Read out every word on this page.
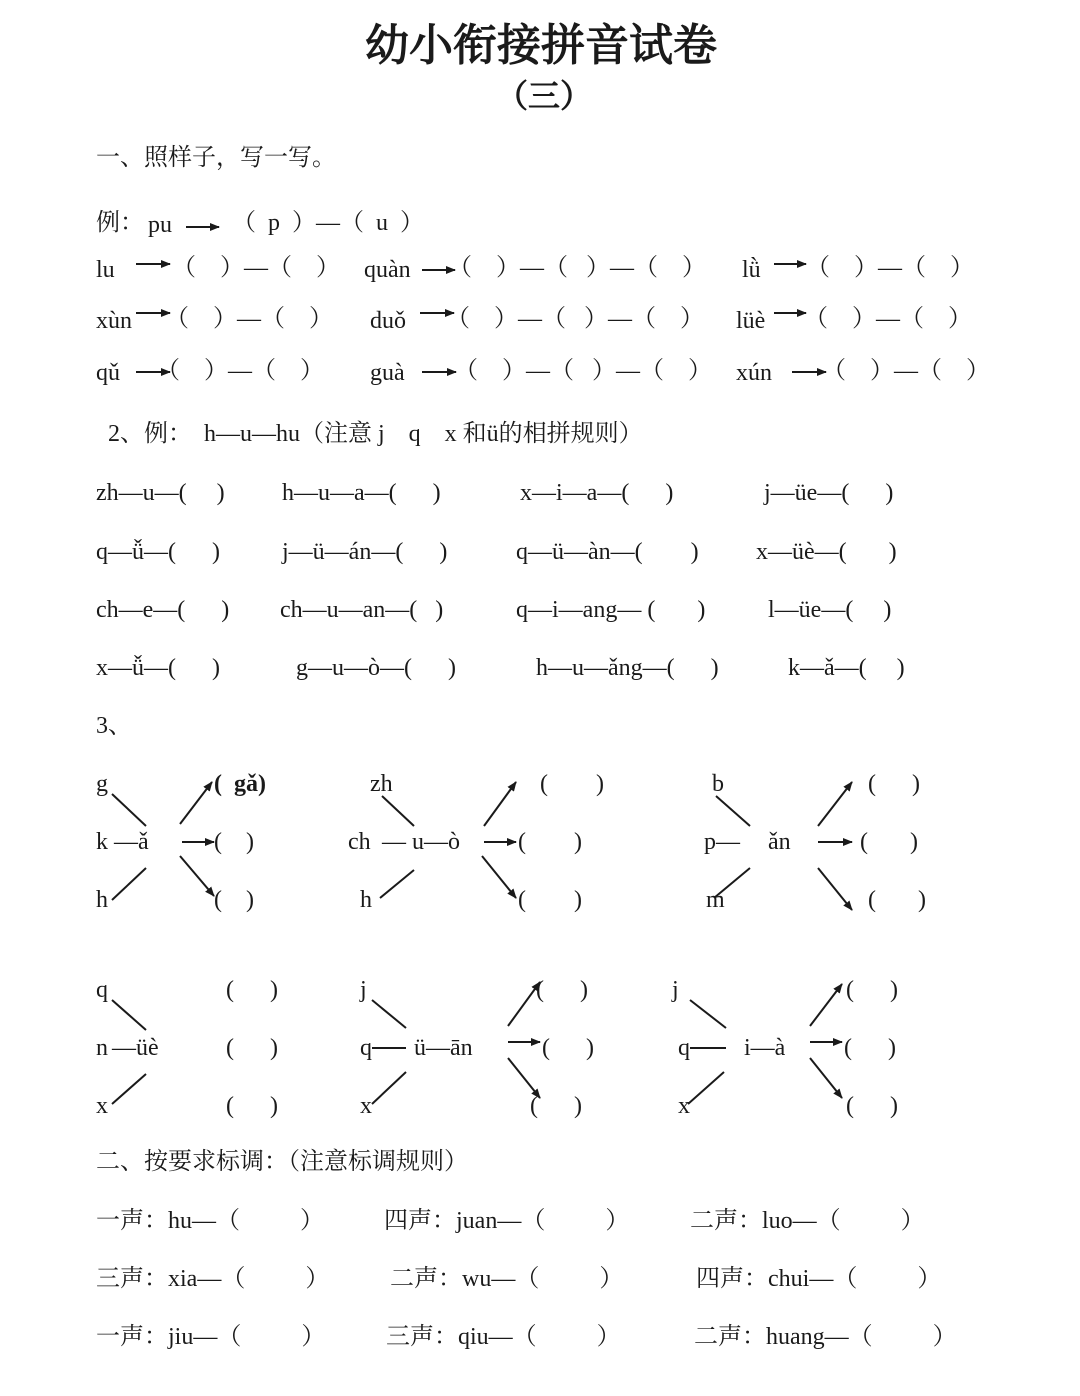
幼小衔接拼音试卷
（三）
一、照样子，写一写。
例： pu	（  p  ）—（  u  ）
lu （    ）—（    ） quàn （    ）—（   ）—（    ） lǜ （    ）—（    ）
xùn （    ）—（    ） duǒ （    ）—（   ）—（    ） lüè （    ）—（    ）
qǔ （    ）—（    ） guà （    ）—（   ）—（    ） xún （    ）—（    ）
2、例：  h—u—hu（注意 j    q    x 和ü的相拼规则）
zh—u—(     ) h—u—a—(      )	x—i—a—(      )	j—üe—(      )
q—ǚ—(      )	j—ü—án—(      )	q—ü—àn—(        ) x—üè—(       )
ch—e—(      ) ch—u—an—(   )	q—i—ang— (       )	l—üe—(     )
x—ǚ—(      )	g—u—ò—(      )	h—u—ǎng—(      )	k—ǎ—(     )
3、
g
k
h
—ǎ
(  gǎ)
(    )
(    )
zh
ch
h
— u—ò
(        )
(        )
(        )
b
p—
m
ǎn
(      )
(       )
(       )
q
n
x
—üè
(      )
(      )
(      )
j
q
x
ü—ān
(      )
(      )
(      )
j
q
x
i—à
(      )
(      )
(      )
二、按要求标调：（注意标调规则）
一声：hu—（          ）	四声：juan—（          ）	二声：luo—（          ）
三声：xia—（          ）	二声：wu—（          ）	四声：chui—（          ）
一声：jiu—（          ）	三声：qiu—（          ）	二声：huang—（          ）
